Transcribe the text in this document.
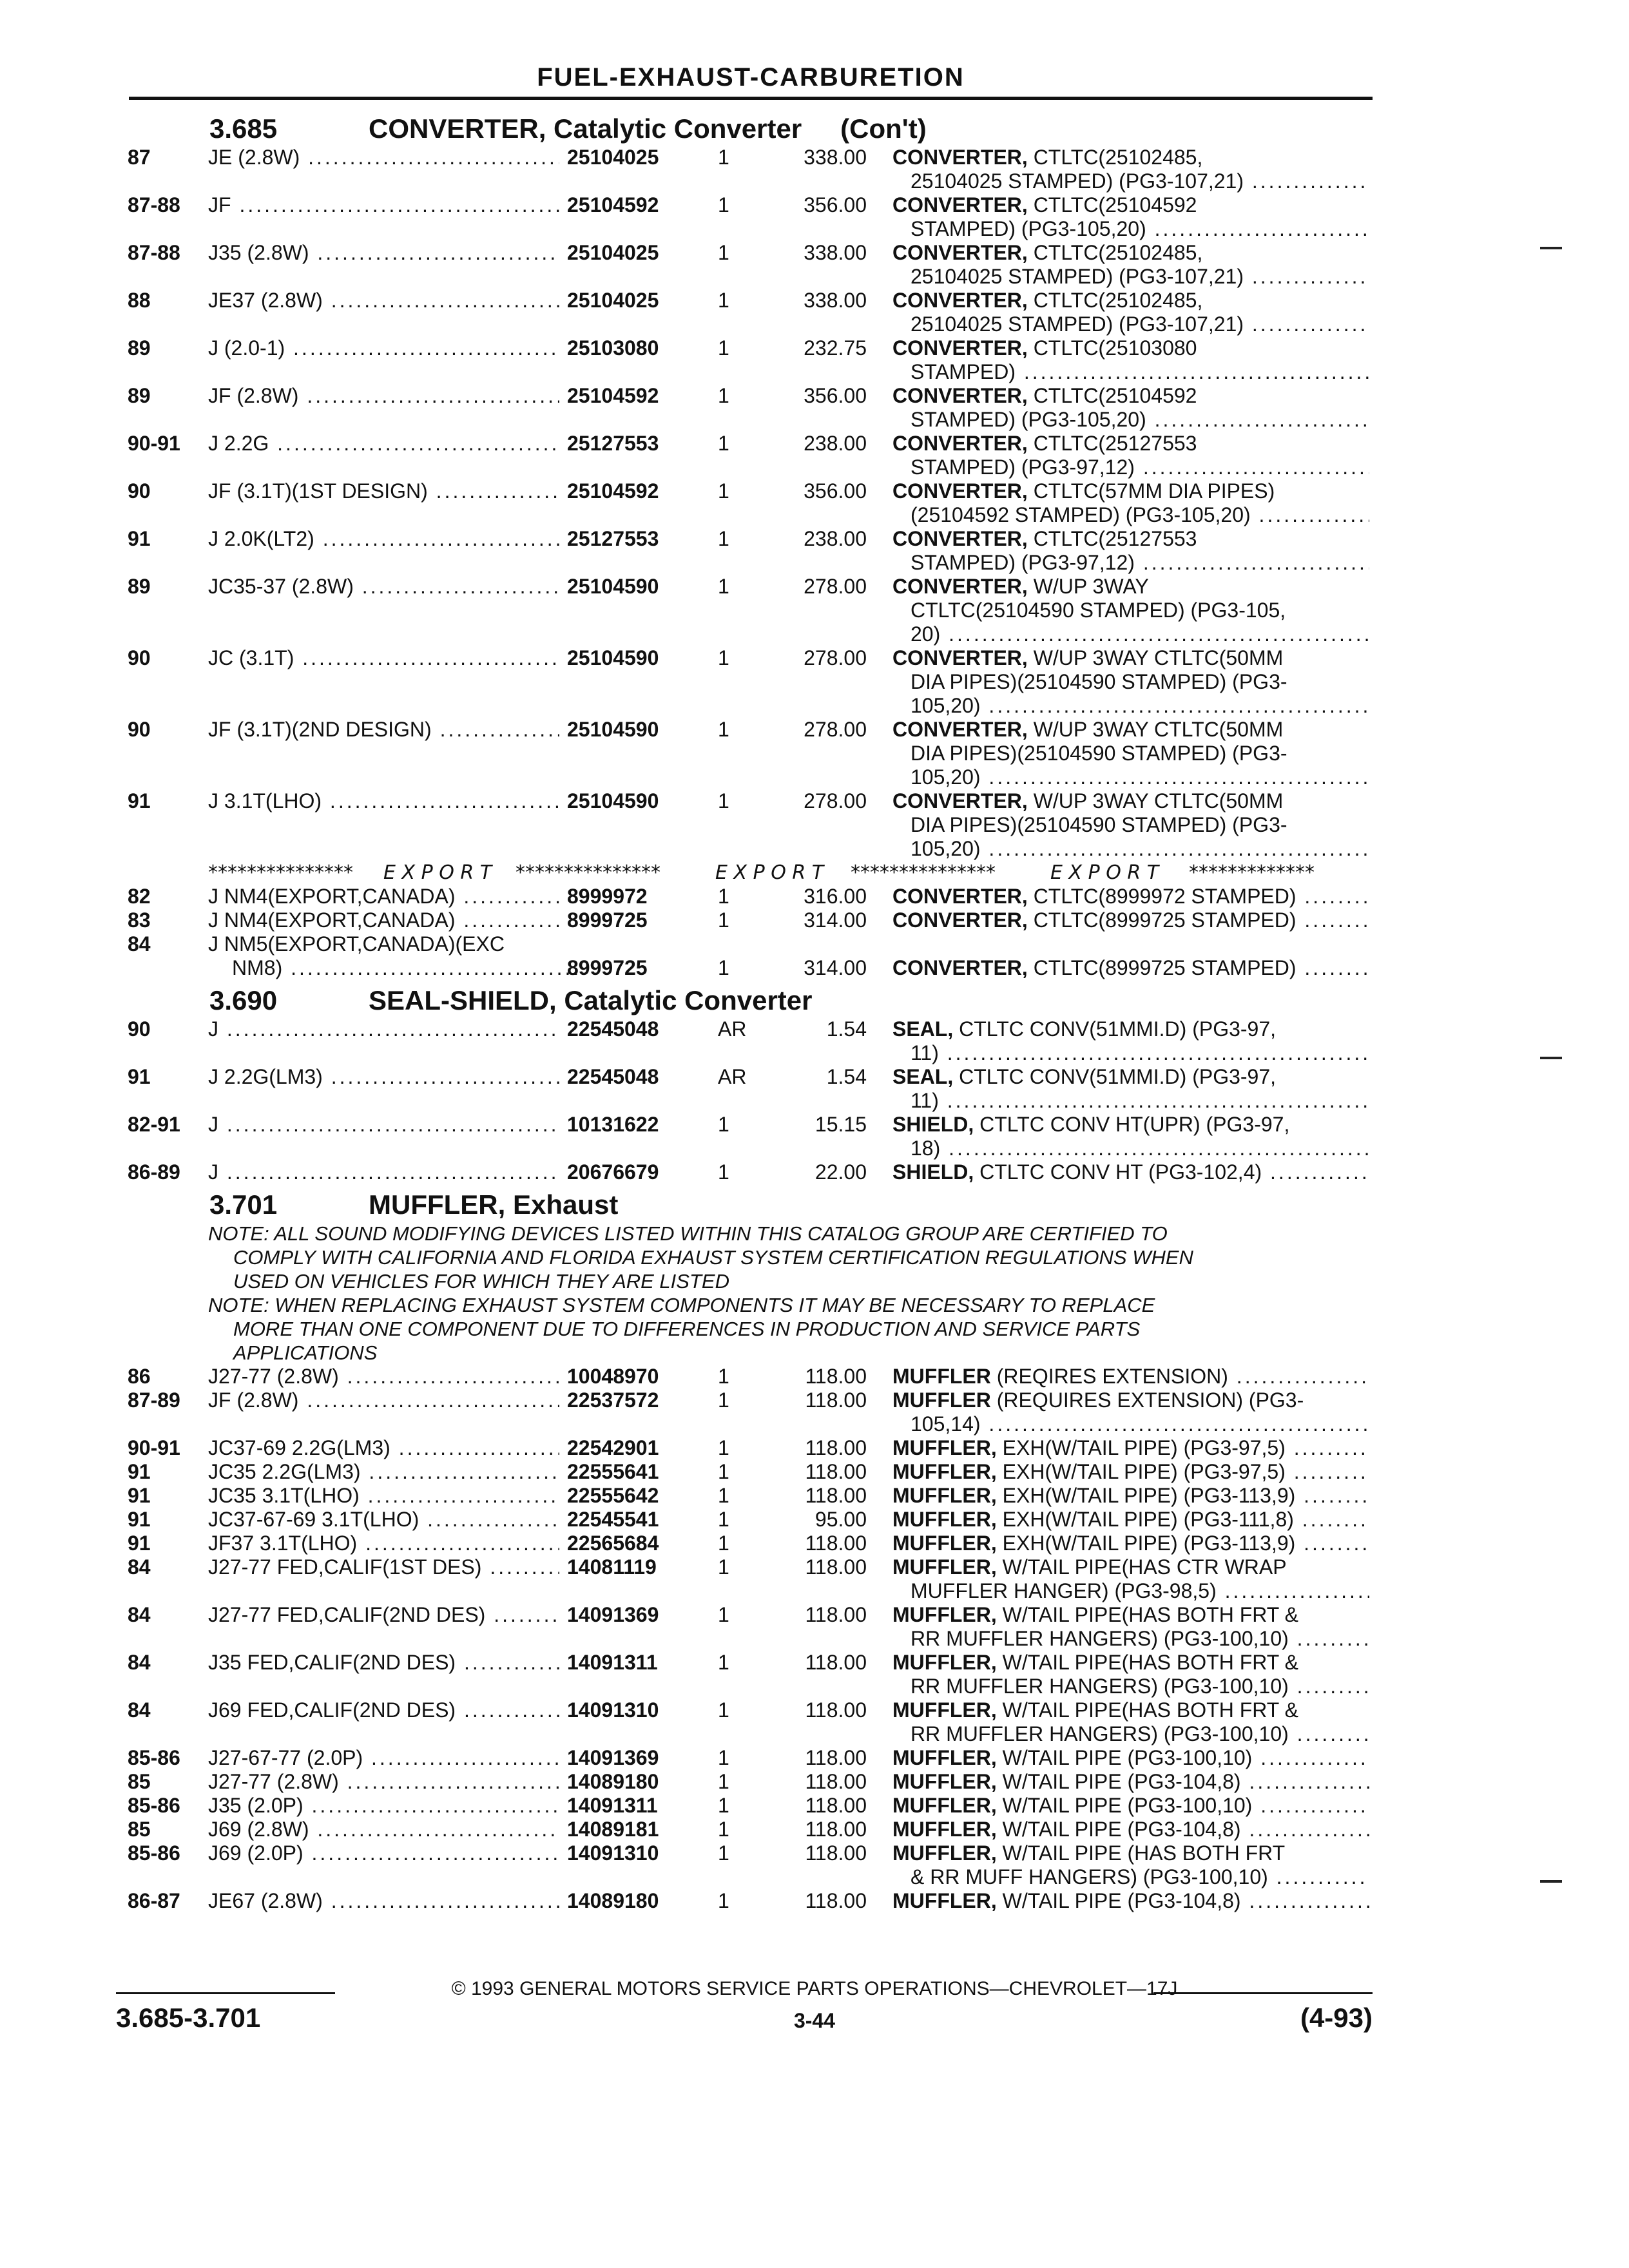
FUEL-EXHAUST-CARBURETION
3.685	CONVERTER, Catalytic Converter (Con't)
87	JE (2.8W) .....	25104025	1	338.00 CONVERTER, CTLTC(25102485,
25104025 STAMPED) (PG3-107,21) .....
87-88 JF .....	25104592	1	356.00 CONVERTER, CTLTC(25104592
STAMPED) (PG3-105,20) .....
87-88 J35 (2.8W) .....	25104025	1	338.00 CONVERTER, CTLTC(25102485,
25104025 STAMPED) (PG3-107,21) .....
88	JE37 (2.8W) .....	25104025	1	338.00 CONVERTER, CTLTC(25102485,
25104025 STAMPED) (PG3-107,21) .....
89	J (2.0-1) .....	25103080	1	232.75 CONVERTER, CTLTC(25103080
STAMPED) .....
89	JF (2.8W) .....	25104592	1	356.00 CONVERTER, CTLTC(25104592
STAMPED) (PG3-105,20) .....
90-91 J 2.2G .....	25127553	1	238.00 CONVERTER, CTLTC(25127553
STAMPED) (PG3-97,12) .....
90	JF (3.1T)(1ST DESIGN) .....	25104592	1	356.00 CONVERTER, CTLTC(57MM DIA PIPES)
(25104592 STAMPED) (PG3-105,20) .....
91	J 2.0K(LT2) .....	25127553	1	238.00 CONVERTER, CTLTC(25127553
STAMPED) (PG3-97,12) .....
89	JC35-37 (2.8W) .....	25104590	1	278.00 CONVERTER, W/UP 3WAY
CTLTC(25104590 STAMPED) (PG3-105,
20) .....
90	JC (3.1T) .....	25104590	1	278.00 CONVERTER, W/UP 3WAY CTLTC(50MM
DIA PIPES)(25104590 STAMPED) (PG3-
105,20) .....
90	JF (3.1T)(2ND DESIGN) .....	25104590	1	278.00 CONVERTER, W/UP 3WAY CTLTC(50MM
DIA PIPES)(25104590 STAMPED) (PG3-
105,20) .....
91	J 3.1T(LHO) .....	25104590	1	278.00 CONVERTER, W/UP 3WAY CTLTC(50MM
DIA PIPES)(25104590 STAMPED) (PG3-
105,20) .....
***************	***************	***************
E X P O R T	E X P O R T	E X P O R T *************
82	J NM4(EXPORT,CANADA) .....	8999972	1	316.00 CONVERTER, CTLTC(8999972 STAMPED) .....
83	J NM4(EXPORT,CANADA) .....	8999725	1	314.00 CONVERTER, CTLTC(8999725 STAMPED) .....
84	J NM5(EXPORT,CANADA)(EXC
NM8) .....	8999725	1	314.00 CONVERTER, CTLTC(8999725 STAMPED) .....
3.690	SEAL-SHIELD, Catalytic Converter
90	J .....	22545048	AR	1.54 SEAL, CTLTC CONV(51MMI.D) (PG3-97,
11) .....
91	J 2.2G(LM3) .....	22545048	AR	1.54 SEAL, CTLTC CONV(51MMI.D) (PG3-97,
11) .....
82-91 J .....	10131622	1	15.15 SHIELD, CTLTC CONV HT(UPR) (PG3-97,
18) .....
86-89 J .....	20676679	1	22.00 SHIELD, CTLTC CONV HT (PG3-102,4) .....
3.701	MUFFLER, Exhaust
NOTE: ALL SOUND MODIFYING DEVICES LISTED WITHIN THIS CATALOG GROUP ARE CERTIFIED TO
COMPLY WITH CALIFORNIA AND FLORIDA EXHAUST SYSTEM CERTIFICATION REGULATIONS WHEN
USED ON VEHICLES FOR WHICH THEY ARE LISTED
NOTE: WHEN REPLACING EXHAUST SYSTEM COMPONENTS IT MAY BE NECESSARY TO REPLACE
MORE THAN ONE COMPONENT DUE TO DIFFERENCES IN PRODUCTION AND SERVICE PARTS
APPLICATIONS
86	J27-77 (2.8W) .....	10048970	1	118.00 MUFFLER (REQIRES EXTENSION) .....
87-89 JF (2.8W) .....	22537572	1	118.00 MUFFLER (REQUIRES EXTENSION) (PG3-
105,14) .....
90-91 JC37-69 2.2G(LM3) .....	22542901	1	118.00 MUFFLER, EXH(W/TAIL PIPE) (PG3-97,5) .....
91	JC35 2.2G(LM3) .....	22555641	1	118.00 MUFFLER, EXH(W/TAIL PIPE) (PG3-97,5) .....
91	JC35 3.1T(LHO) .....	22555642	1	118.00 MUFFLER, EXH(W/TAIL PIPE) (PG3-113,9) .....
91	JC37-67-69 3.1T(LHO) .....	22545541	1	95.00 MUFFLER, EXH(W/TAIL PIPE) (PG3-111,8) .....
91	JF37 3.1T(LHO) .....	22565684	1	118.00 MUFFLER, EXH(W/TAIL PIPE) (PG3-113,9) .....
84	J27-77 FED,CALIF(1ST DES) .....	14081119	1	118.00 MUFFLER, W/TAIL PIPE(HAS CTR WRAP
MUFFLER HANGER) (PG3-98,5) .....
84	J27-77 FED,CALIF(2ND DES) .....	14091369	1	118.00 MUFFLER, W/TAIL PIPE(HAS BOTH FRT &
RR MUFFLER HANGERS) (PG3-100,10) .....
84	J35 FED,CALIF(2ND DES) .....	14091311	1	118.00 MUFFLER, W/TAIL PIPE(HAS BOTH FRT &
RR MUFFLER HANGERS) (PG3-100,10) .....
84	J69 FED,CALIF(2ND DES) .....	14091310	1	118.00 MUFFLER, W/TAIL PIPE(HAS BOTH FRT &
RR MUFFLER HANGERS) (PG3-100,10) .....
85-86 J27-67-77 (2.0P) .....	14091369	1	118.00 MUFFLER, W/TAIL PIPE (PG3-100,10) .....
85	J27-77 (2.8W) .....	14089180	1	118.00 MUFFLER, W/TAIL PIPE (PG3-104,8) .....
85-86 J35 (2.0P) .....	14091311	1	118.00 MUFFLER, W/TAIL PIPE (PG3-100,10) .....
85	J69 (2.8W) .....	14089181	1	118.00 MUFFLER, W/TAIL PIPE (PG3-104,8) .....
85-86 J69 (2.0P) .....	14091310	1	118.00 MUFFLER, W/TAIL PIPE (HAS BOTH FRT
& RR MUFF HANGERS) (PG3-100,10) .....
86-87 JE67 (2.8W) .....	14089180	1	118.00 MUFFLER, W/TAIL PIPE (PG3-104,8) .....
© 1993 GENERAL MOTORS SERVICE PARTS OPERATIONS—CHEVROLET—17J
3.685-3.701	3-44	(4-93)
